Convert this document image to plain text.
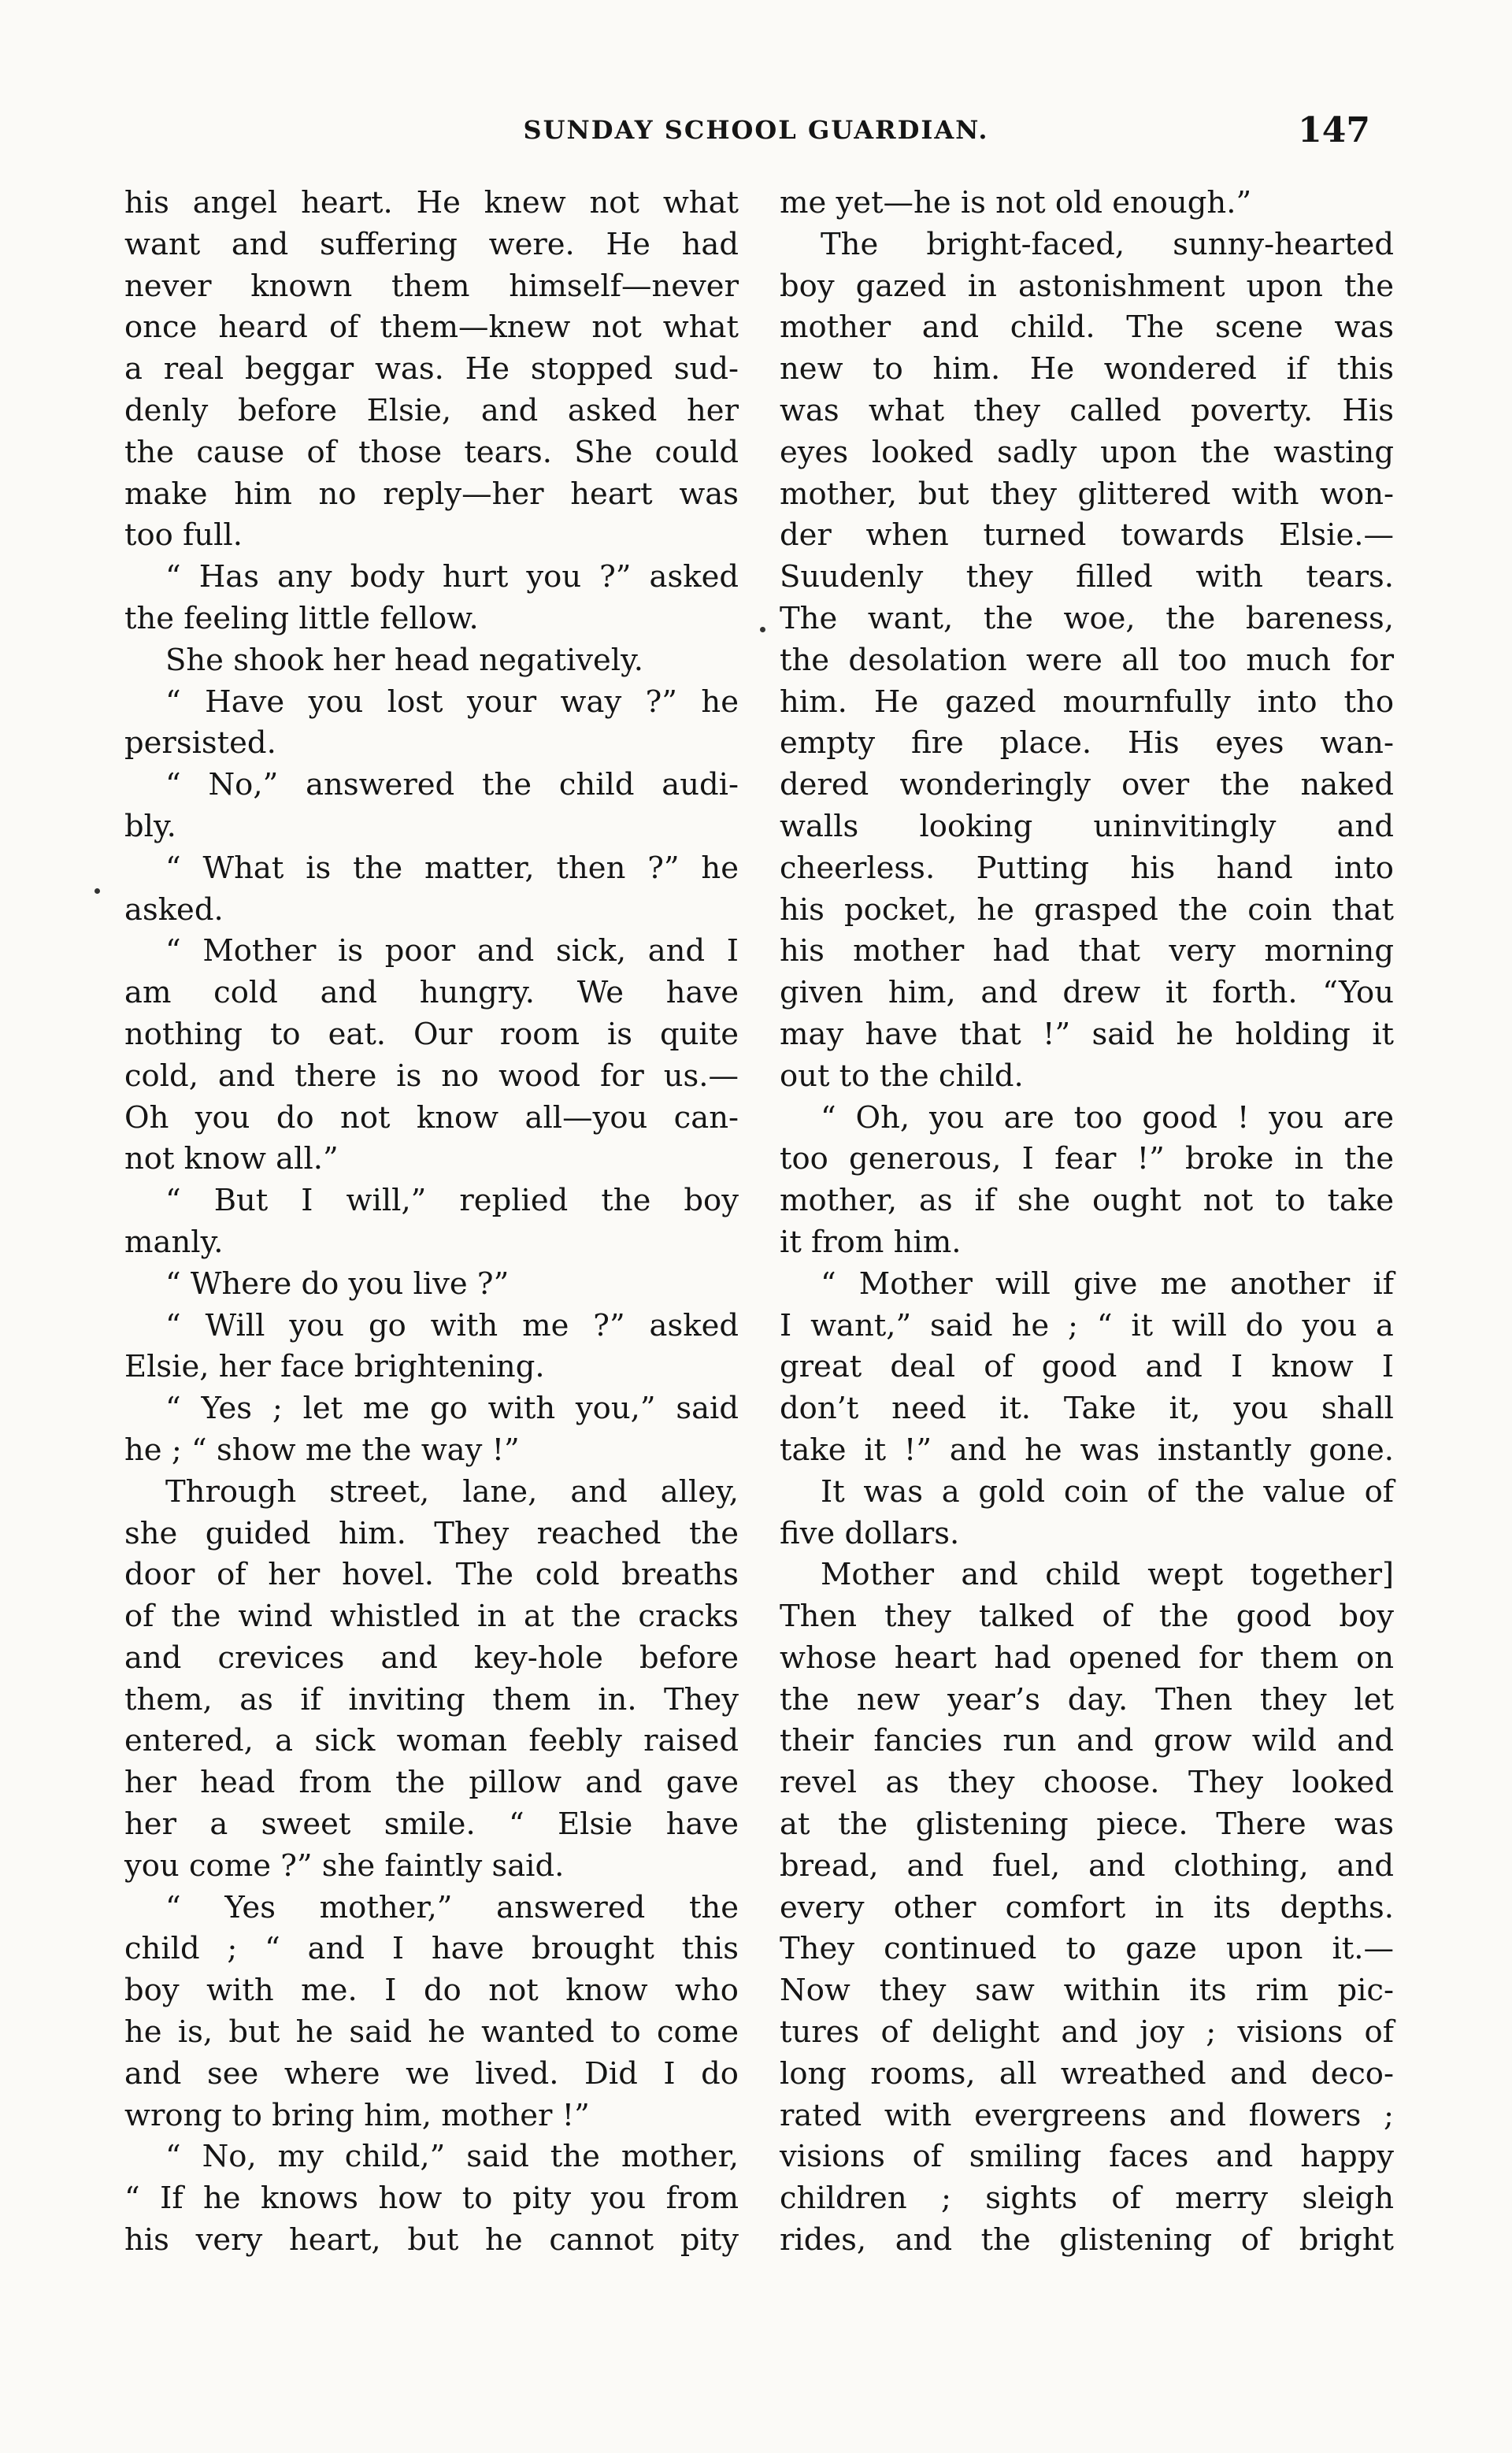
SUNDAY SCHOOL GUARDIAN.	147
his angel heart. He knew not what
want and suffering were. He had
never known them himself—never
once heard of them—knew not what
a real beggar was. He stopped sud-
denly before Elsie, and asked her
the cause of those tears. She could
make him no reply—her heart was
too full.
“ Has any body hurt you ?” asked
the feeling little fellow.
She shook her head negatively.
“ Have you lost your way ?” he
persisted.
“ No,” answered the child audi-
bly.
“ What is the matter, then ?” he
asked.
“ Mother is poor and sick, and I
am cold and hungry. We have
nothing to eat. Our room is quite
cold, and there is no wood for us.—
Oh you do not know all—you can-
not know all.”
“ But I will,” replied the boy
manly.
“ Where do you live ?”
“ Will you go with me ?” asked
Elsie, her face brightening.
“ Yes ; let me go with you,” said
he ; “ show me the way !”
Through street, lane, and alley,
she guided him. They reached the
door of her hovel. The cold breaths
of the wind whistled in at the cracks
and crevices and key-hole before
them, as if inviting them in. They
entered, a sick woman feebly raised
her head from the pillow and gave
her a sweet smile. “ Elsie have
you come ?” she faintly said.
“ Yes mother,” answered the
child ; “ and I have brought this
boy with me. I do not know who
he is, but he said he wanted to come
and see where we lived. Did I do
wrong to bring him, mother !”
“ No, my child,” said the mother,
“ If he knows how to pity you from
his very heart, but he cannot pity
me yet—he is not old enough.”
The bright-faced, sunny-hearted
boy gazed in astonishment upon the
mother and child. The scene was
new to him. He wondered if this
was what they called poverty. His
eyes looked sadly upon the wasting
mother, but they glittered with won-
der when turned towards Elsie.—
Suudenly they filled with tears.
The want, the woe, the bareness,
the desolation were all too much for
him. He gazed mournfully into tho
empty fire place. His eyes wan-
dered wonderingly over the naked
walls looking uninvitingly and
cheerless. Putting his hand into
his pocket, he grasped the coin that
his mother had that very morning
given him, and drew it forth. “You
may have that !” said he holding it
out to the child.
“ Oh, you are too good ! you are
too generous, I fear !” broke in the
mother, as if she ought not to take
it from him.
“ Mother will give me another if
I want,” said he ; “ it will do you a
great deal of good and I know I
don’t need it. Take it, you shall
take it !” and he was instantly gone.
It was a gold coin of the value of
five dollars.
Mother and child wept together]
Then they talked of the good boy
whose heart had opened for them on
the new year’s day. Then they let
their fancies run and grow wild and
revel as they choose. They looked
at the glistening piece. There was
bread, and fuel, and clothing, and
every other comfort in its depths.
They continued to gaze upon it.—
Now they saw within its rim pic-
tures of delight and joy ; visions of
long rooms, all wreathed and deco-
rated with evergreens and flowers ;
visions of smiling faces and happy
children ; sights of merry sleigh
rides, and the glistening of bright
